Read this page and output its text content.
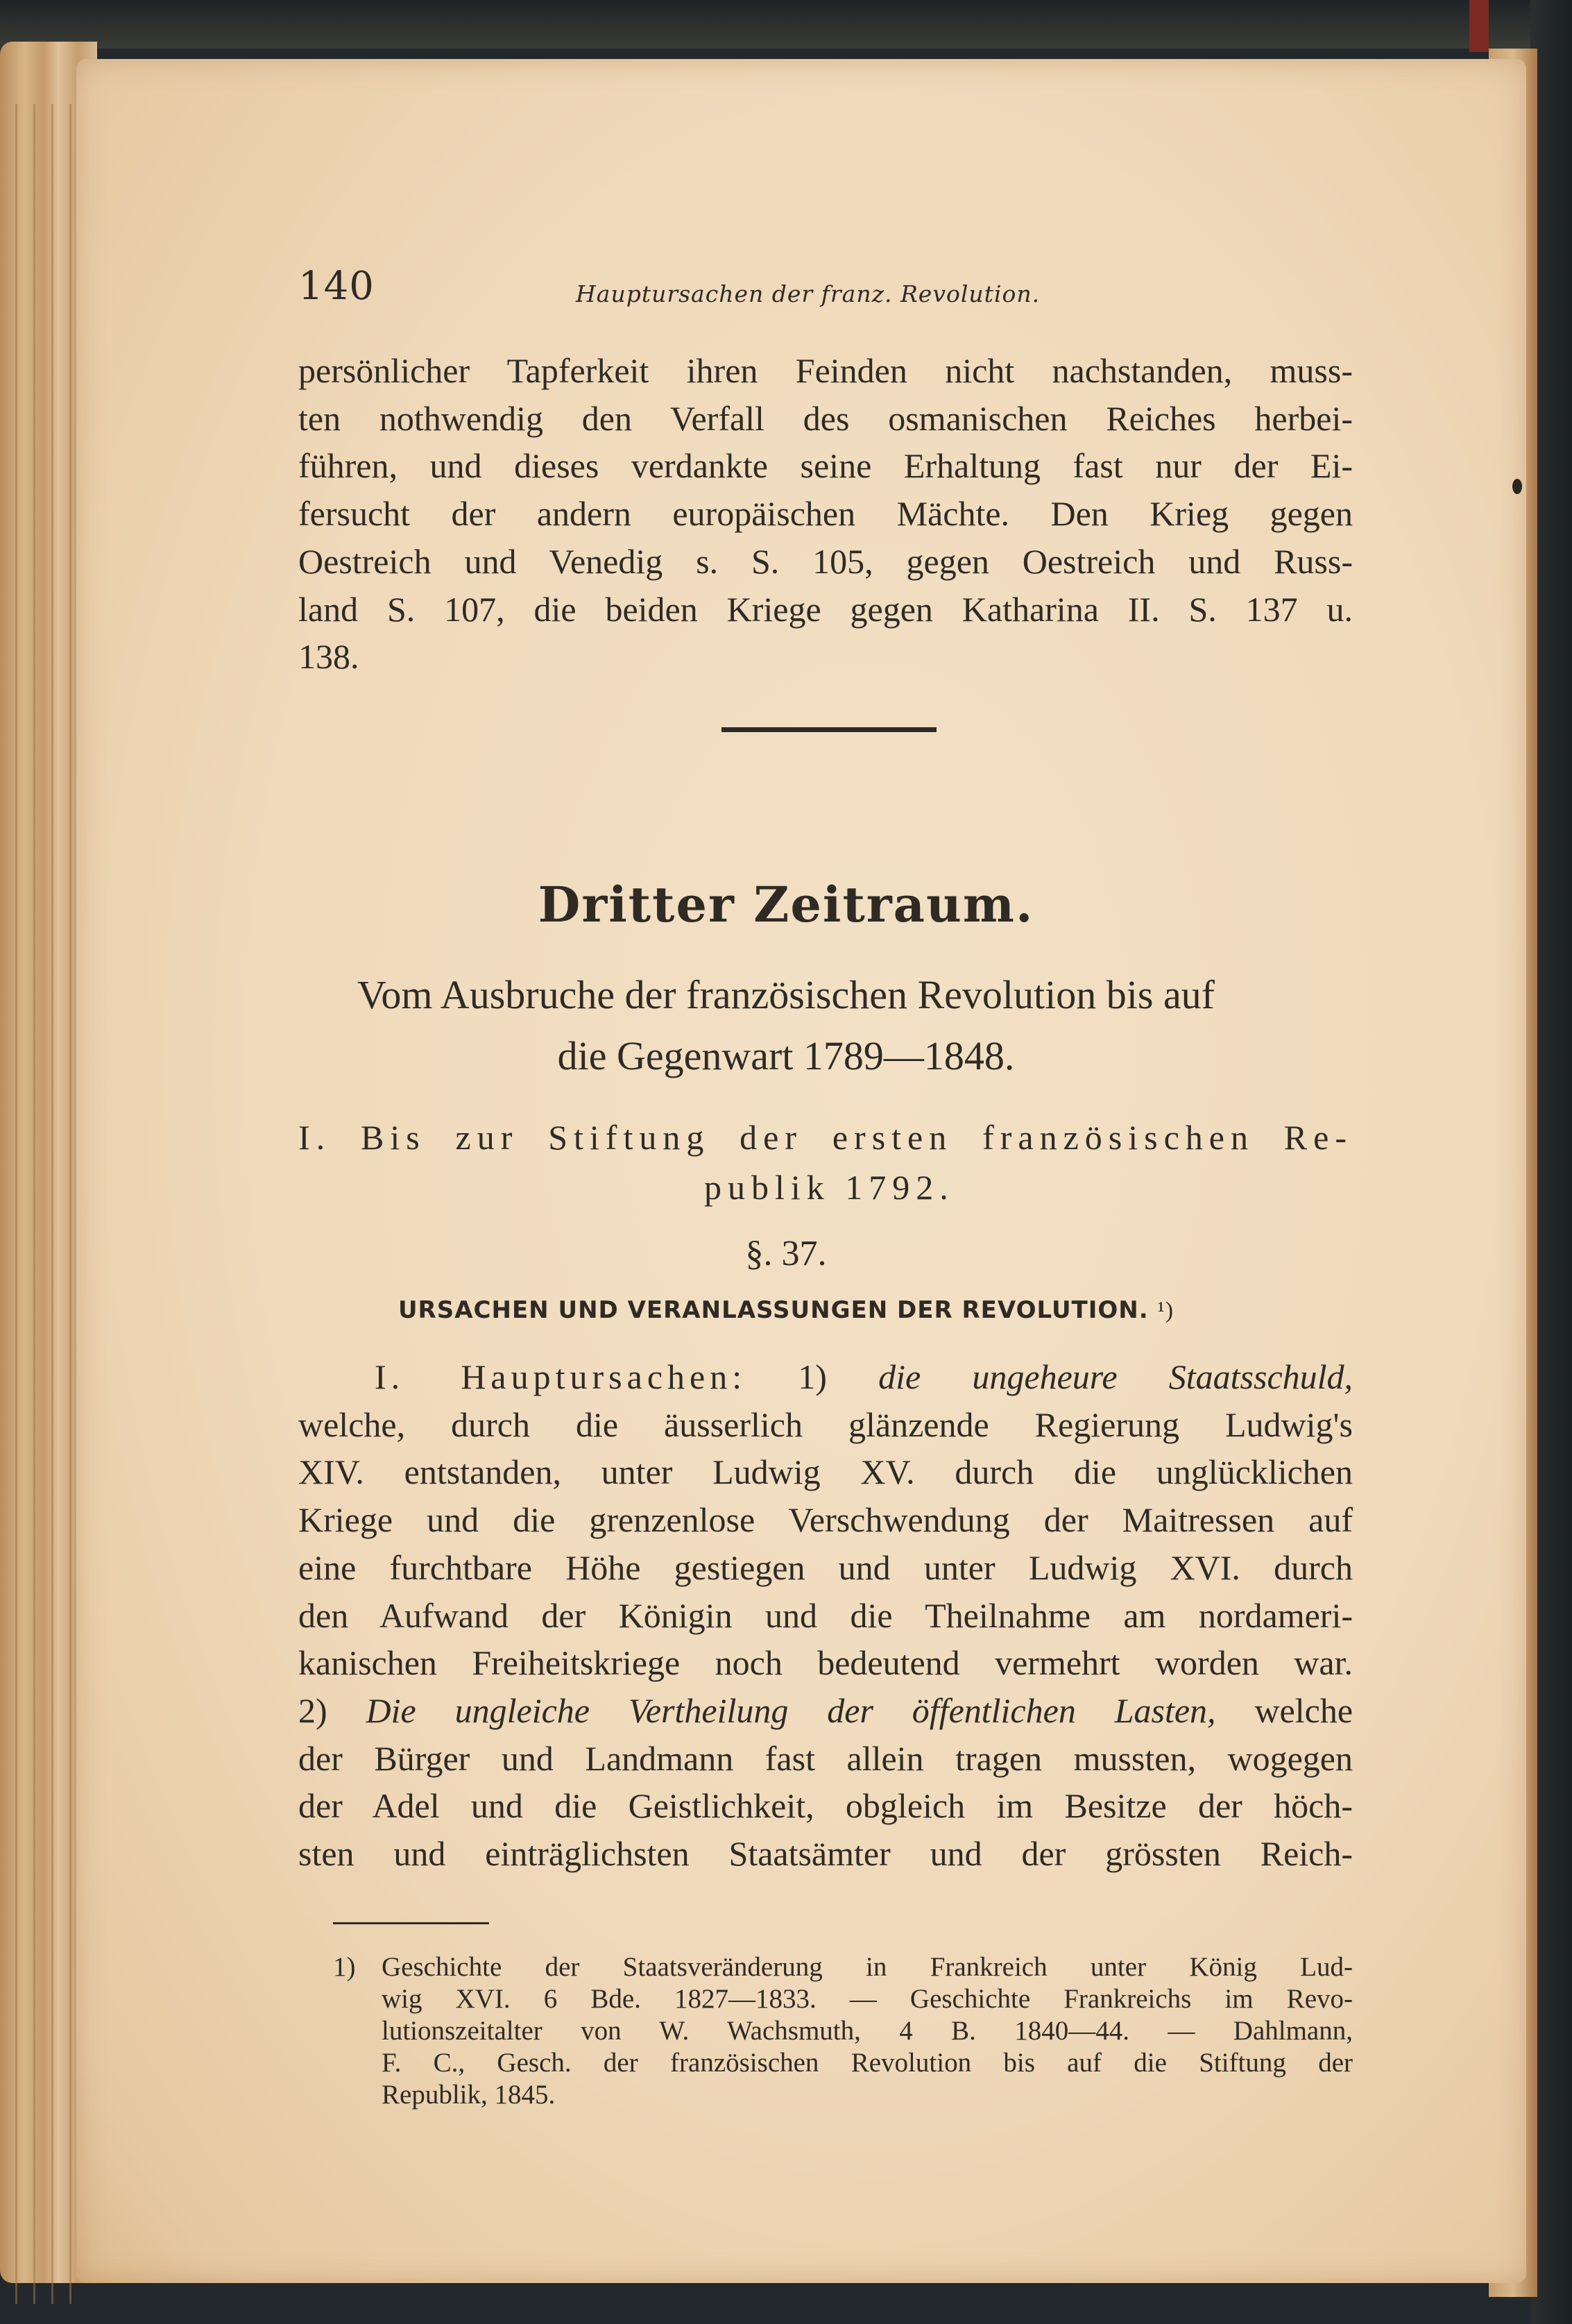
140	Hauptursachen der franz. Revolution.
persönlicher Tapferkeit ihren Feinden nicht nachstanden, muss-
ten nothwendig den Verfall des osmanischen Reiches herbei-
führen, und dieses verdankte seine Erhaltung fast nur der Ei-
fersucht der andern europäischen Mächte. Den Krieg gegen
Oestreich und Venedig s. S. 105, gegen Oestreich und Russ-
land S. 107, die beiden Kriege gegen Katharina II. S. 137 u.
138.
Dritter Zeitraum.
Vom Ausbruche der französischen Revolution bis auf
die Gegenwart 1789—1848.
I. Bis zur Stiftung der ersten französischen Re-
publik 1792.
§. 37.
URSACHEN UND VERANLASSUNGEN DER REVOLUTION. ¹)
I. Hauptursachen: 1) die ungeheure Staatsschuld,
welche, durch die äusserlich glänzende Regierung Ludwig's
XIV. entstanden, unter Ludwig XV. durch die unglücklichen
Kriege und die grenzenlose Verschwendung der Maitressen auf
eine furchtbare Höhe gestiegen und unter Ludwig XVI. durch
den Aufwand der Königin und die Theilnahme am nordameri-
kanischen Freiheitskriege noch bedeutend vermehrt worden war.
2) Die ungleiche Vertheilung der öffentlichen Lasten, welche
der Bürger und Landmann fast allein tragen mussten, wogegen
der Adel und die Geistlichkeit, obgleich im Besitze der höch-
sten und einträglichsten Staatsämter und der grössten Reich-
1) Geschichte der Staatsveränderung in Frankreich unter König Lud-
wig XVI. 6 Bde. 1827—1833. — Geschichte Frankreichs im Revo-
lutionszeitalter von W. Wachsmuth, 4 B. 1840—44. — Dahlmann,
F. C., Gesch. der französischen Revolution bis auf die Stiftung der
Republik, 1845.
